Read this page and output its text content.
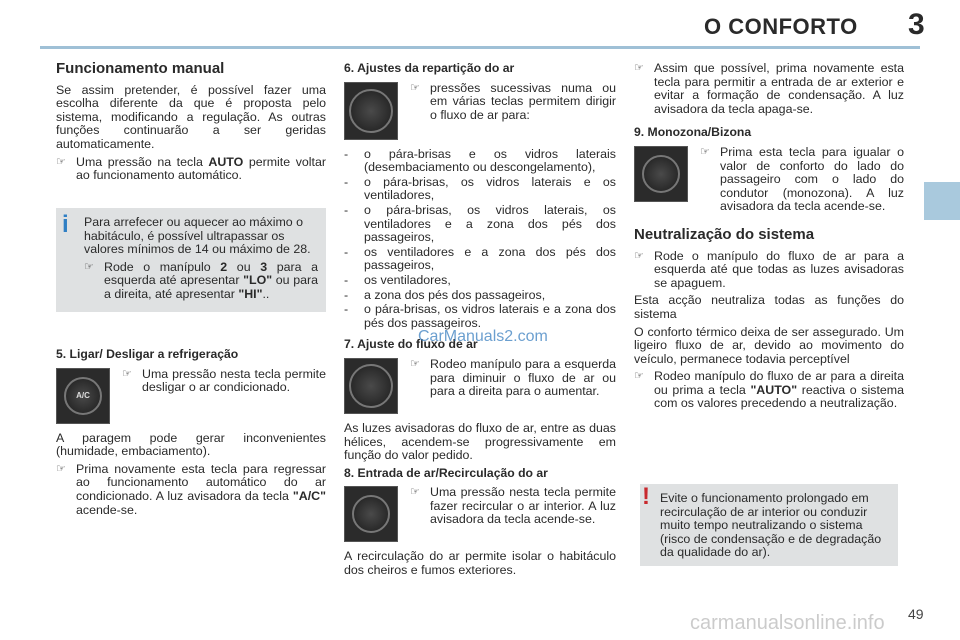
O CONFORTO 3
Funcionamento manual

Se assim pretender, é possível fazer uma escolha diferente da que é proposta pelo sistema, modificando a regulação. As outras funções continuarão a ser geridas automaticamente.

☞ Uma pressão na tecla AUTO permite voltar ao funcionamento automático.
i Para arrefecer ou aquecer ao máximo o habitáculo, é possível ultrapassar os valores mínimos de 14 ou máximo de 28.

☞ Rode o manípulo 2 ou 3 para a esquerda até apresentar "LO" ou para a direita, até apresentar "HI"..
5. Ligar/ Desligar a refrigeração
A/C
☞ Uma pressão nesta tecla permite desligar o ar condicionado.

A paragem pode gerar inconvenientes (humidade, embaciamento).

☞ Prima novamente esta tecla para regressar ao funcionamento automático do ar condicionado. A luz avisadora da tecla "A/C" acende-se.
6. Ajustes da repartição do ar
☞ pressões sucessivas numa ou em várias teclas permitem dirigir o fluxo de ar para:
-	o pára-brisas e os vidros laterais (desembaciamento ou descongelamento),
-	o pára-brisas, os vidros laterais e os ventiladores,
-	o pára-brisas, os vidros laterais, os ventiladores e a zona dos pés dos passageiros,
-	os ventiladores e a zona dos pés dos passageiros,
-	os ventiladores,
-	a zona dos pés dos passageiros,
-	o pára-brisas, os vidros laterais e a zona dos pés dos passageiros.
7. Ajuste do fluxo de ar
☞ Rodeo manípulo para a esquerda para diminuir o fluxo de ar ou para a direita para o aumentar.

As luzes avisadoras do fluxo de ar, entre as duas hélices, acendem-se progressivamente em função do valor pedido.

8. Entrada de ar/Recirculação do ar
☞ Uma pressão nesta tecla permite fazer recircular o ar interior. A luz avisadora da tecla acende-se.

A recirculação do ar permite isolar o habitáculo dos cheiros e fumos exteriores.

☞ Assim que possível, prima novamente esta tecla para permitir a entrada de ar exterior e evitar a formação de condensação. A luz avisadora da tecla apaga-se.
9. Monozona/Bizona
☞ Prima esta tecla para igualar o valor de conforto do lado do passageiro com o lado do condutor (monozona). A luz avisadora da tecla acende-se.
Neutralização do sistema
☞ Rode o manípulo do fluxo de ar para a esquerda até que todas as luzes avisadoras se apaguem.

Esta acção neutraliza todas as funções do sistema

O conforto térmico deixa de ser assegurado. Um ligeiro fluxo de ar, devido ao movimento do veículo, permanece todavia perceptível

☞ Rodeo manípulo do fluxo de ar para a direita ou prima a tecla "AUTO" reactiva o sistema com os valores precedendo a neutralização.
! Evite o funcionamento prolongado em recirculação de ar interior ou conduzir muito tempo neutralizando o sistema (risco de condensação e de degradação da qualidade do ar).

CarManuals2.com
carmanualsonline.info 49
